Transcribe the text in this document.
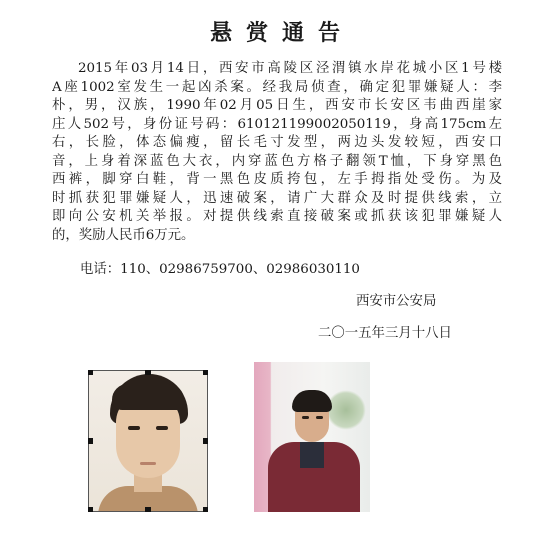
悬赏通告
2015年03月14日，西安市高陵区泾渭镇水岸花城小区1号楼
A座1002室发生一起凶杀案。经我局侦查，确定犯罪嫌疑人：李
朴，男，汉族，1990年02月05日生，西安市长安区韦曲西崖家
庄人502号，身份证号码：610121199002050119，身高175cm左
右，长脸，体态偏瘦，留长毛寸发型，两边头发较短，西安口
音，上身着深蓝色大衣，内穿蓝色方格子翻领T恤，下身穿黑色
西裤，脚穿白鞋，背一黑色皮质挎包，左手拇指处受伤。为及
时抓获犯罪嫌疑人，迅速破案，请广大群众及时提供线索，立
即向公安机关举报。对提供线索直接破案或抓获该犯罪嫌疑人
的，奖励人民币6万元。
电话：110、02986759700、02986030110
西安市公安局
二〇一五年三月十八日
